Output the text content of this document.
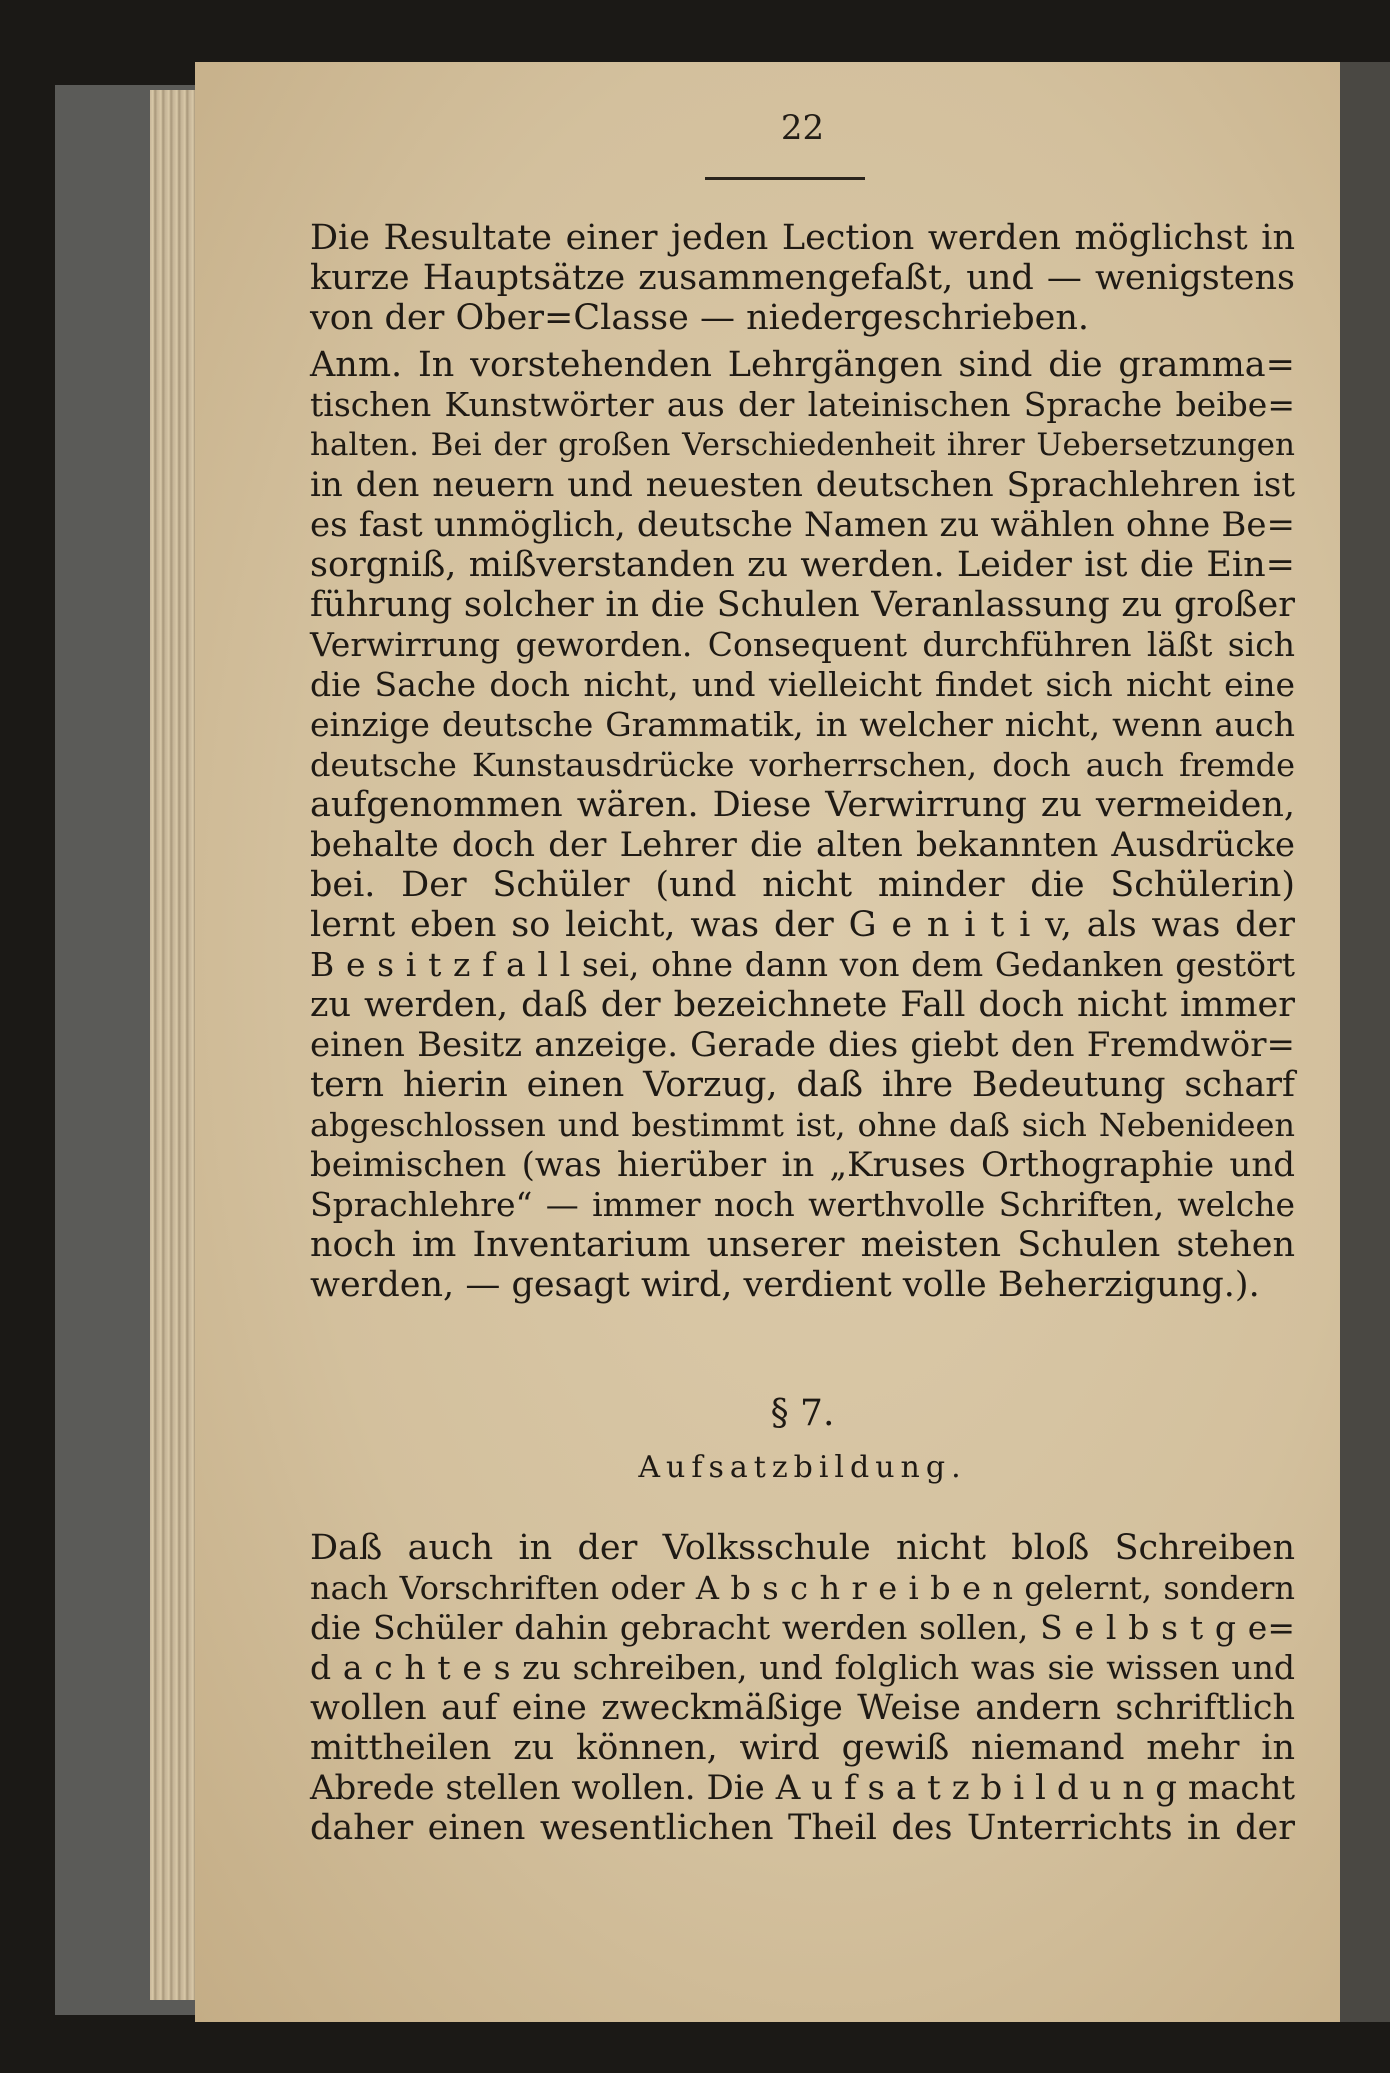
22
Die Resultate einer jeden Lection werden möglichst in
kurze Hauptsätze zusammengefaßt, und — wenigstens
von der Ober=Classe — niedergeschrieben.
Anm. In vorstehenden Lehrgängen sind die gramma=
tischen Kunstwörter aus der lateinischen Sprache beibe=
halten. Bei der großen Verschiedenheit ihrer Uebersetzungen
in den neuern und neuesten deutschen Sprachlehren ist
es fast unmöglich, deutsche Namen zu wählen ohne Be=
sorgniß, mißverstanden zu werden. Leider ist die Ein=
führung solcher in die Schulen Veranlassung zu großer
Verwirrung geworden. Consequent durchführen läßt sich
die Sache doch nicht, und vielleicht findet sich nicht eine
einzige deutsche Grammatik, in welcher nicht, wenn auch
deutsche Kunstausdrücke vorherrschen, doch auch fremde
aufgenommen wären. Diese Verwirrung zu vermeiden,
behalte doch der Lehrer die alten bekannten Ausdrücke
bei. Der Schüler (und nicht minder die Schülerin)
lernt eben so leicht, was der G e n i t i v, als was der
B e s i t z f a l l sei, ohne dann von dem Gedanken gestört
zu werden, daß der bezeichnete Fall doch nicht immer
einen Besitz anzeige. Gerade dies giebt den Fremdwör=
tern hierin einen Vorzug, daß ihre Bedeutung scharf
abgeschlossen und bestimmt ist, ohne daß sich Nebenideen
beimischen (was hierüber in „Kruses Orthographie und
Sprachlehre“ — immer noch werthvolle Schriften, welche
noch im Inventarium unserer meisten Schulen stehen
werden, — gesagt wird, verdient volle Beherzigung.).
§ 7.
Aufsatzbildung.
Daß auch in der Volksschule nicht bloß Schreiben
nach Vorschriften oder A b s c h r e i b e n gelernt, sondern
die Schüler dahin gebracht werden sollen, S e l b s t g e=
d a c h t e s zu schreiben, und folglich was sie wissen und
wollen auf eine zweckmäßige Weise andern schriftlich
mittheilen zu können, wird gewiß niemand mehr in
Abrede stellen wollen. Die A u f s a t z b i l d u n g macht
daher einen wesentlichen Theil des Unterrichts in der
